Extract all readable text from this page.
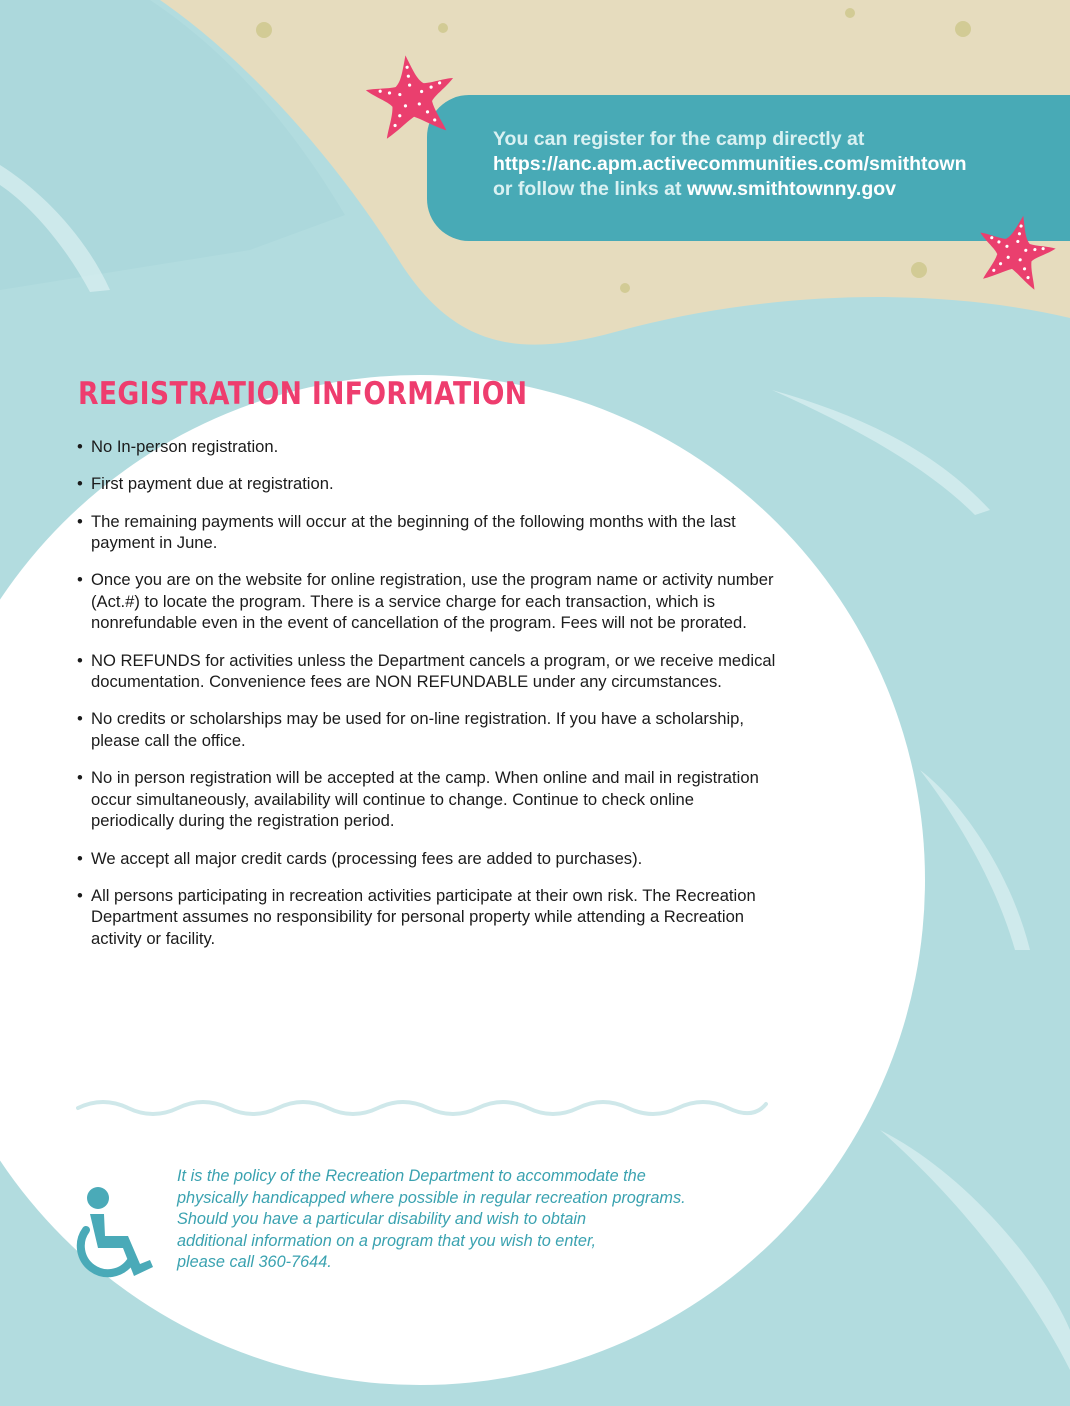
You can register for the camp directly at
https://anc.apm.activecommunities.com/smithtown
or follow the links at www.smithtownny.gov
REGISTRATION INFORMATION
• No In-person registration.
• First payment due at registration.
• The remaining payments will occur at the beginning of the following months with the last payment in June.
• Once you are on the website for online registration, use the program name or activity number (Act.#) to locate the program. There is a service charge for each transaction, which is nonrefundable even in the event of cancellation of the program. Fees will not be prorated.
• NO REFUNDS for activities unless the Department cancels a program, or we receive medical documentation. Convenience fees are NON REFUNDABLE under any circumstances.
• No credits or scholarships may be used for on-line registration. If you have a scholarship, please call the office.
• No in person registration will be accepted at the camp. When online and mail in registration occur simultaneously, availability will continue to change. Continue to check online periodically during the registration period.
• We accept all major credit cards (processing fees are added to purchases).
• All persons participating in recreation activities participate at their own risk. The Recreation Department assumes no responsibility for personal property while attending a Recreation activity or facility.
It is the policy of the Recreation Department to accommodate the
physically handicapped where possible in regular recreation programs.
Should you have a particular disability and wish to obtain
additional information on a program that you wish to enter,
please call 360-7644.
